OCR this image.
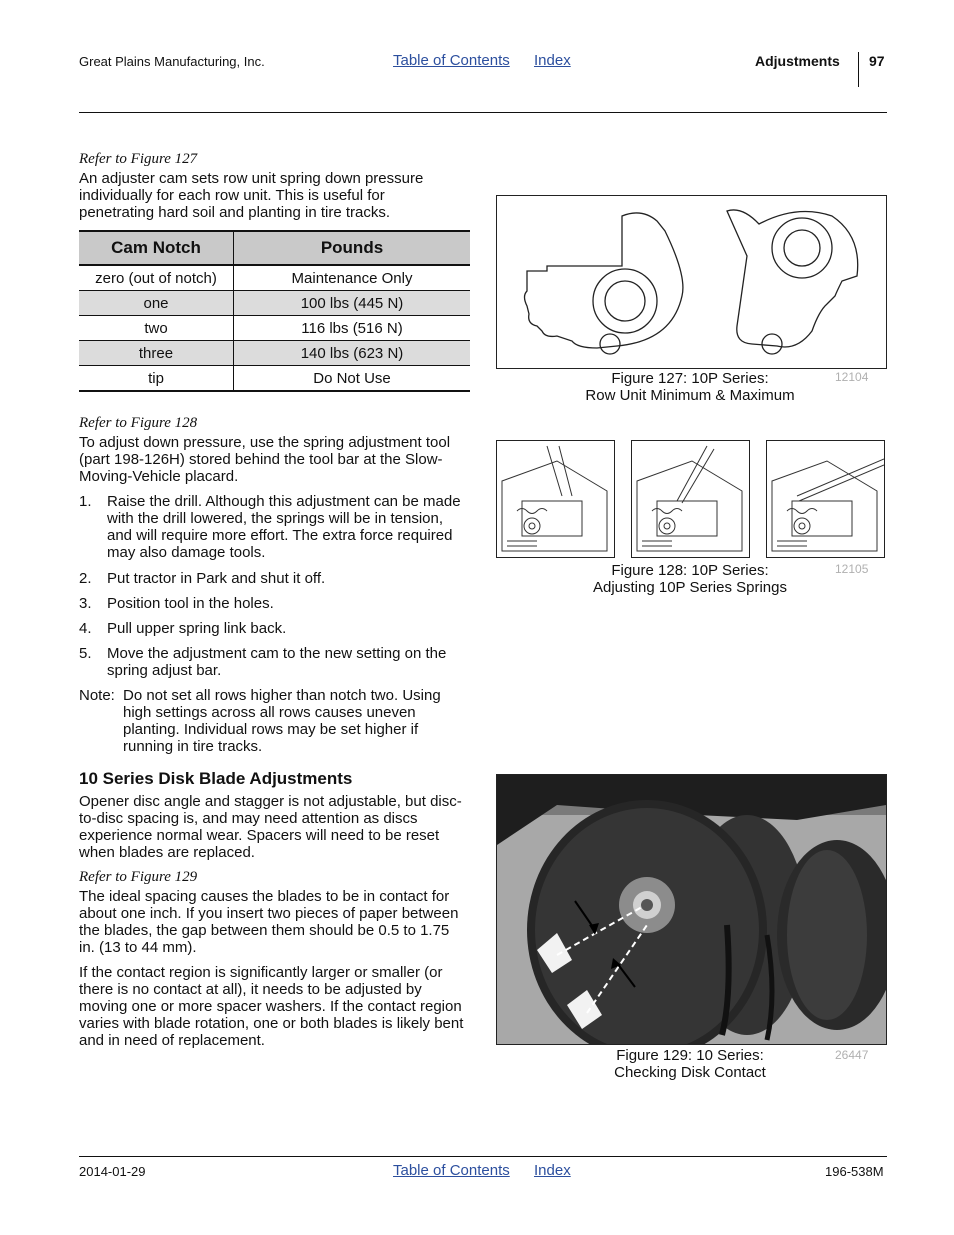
Great Plains Manufacturing, Inc.	Table of Contents Index	Adjustments 97
Refer to Figure 127
An adjuster cam sets row unit spring down pressure individually for each row unit. This is useful for penetrating hard soil and planting in tire tracks.
Cam Notch	Pounds
zero (out of notch)	Maintenance Only
one	100 lbs (445 N)
two	116 lbs (516 N)
three	140 lbs (623 N)
tip	Do Not Use
Refer to Figure 128
To adjust down pressure, use the spring adjustment tool (part 198-126H) stored behind the tool bar at the Slow-Moving-Vehicle placard.
1. Raise the drill. Although this adjustment can be made with the drill lowered, the springs will be in tension, and will require more effort. The extra force required may also damage tools.
2. Put tractor in Park and shut it off.
3. Position tool in the holes.
4. Pull upper spring link back.
5. Move the adjustment cam to the new setting on the spring adjust bar.
Note: Do not set all rows higher than notch two. Using high settings across all rows causes uneven planting. Individual rows may be set higher if running in tire tracks.
10 Series Disk Blade Adjustments
Opener disc angle and stagger is not adjustable, but disc-to-disc spacing is, and may need attention as discs experience normal wear. Spacers will need to be reset when blades are replaced.
Refer to Figure 129
The ideal spacing causes the blades to be in contact for about one inch. If you insert two pieces of paper between the blades, the gap between them should be 0.5 to 1.75 in. (13 to 44 mm).
If the contact region is significantly larger or smaller (or there is no contact at all), it needs to be adjusted by moving one or more spacer washers. If the contact region varies with blade rotation, one or both blades is likely bent and in need of replacement.
Figure 127: 10P Series:
Row Unit Minimum & Maximum
12104
Figure 128: 10P Series:
Adjusting 10P Series Springs
12105
Figure 129: 10 Series:
Checking Disk Contact
26447
2014-01-29	Table of Contents Index	196-538M
